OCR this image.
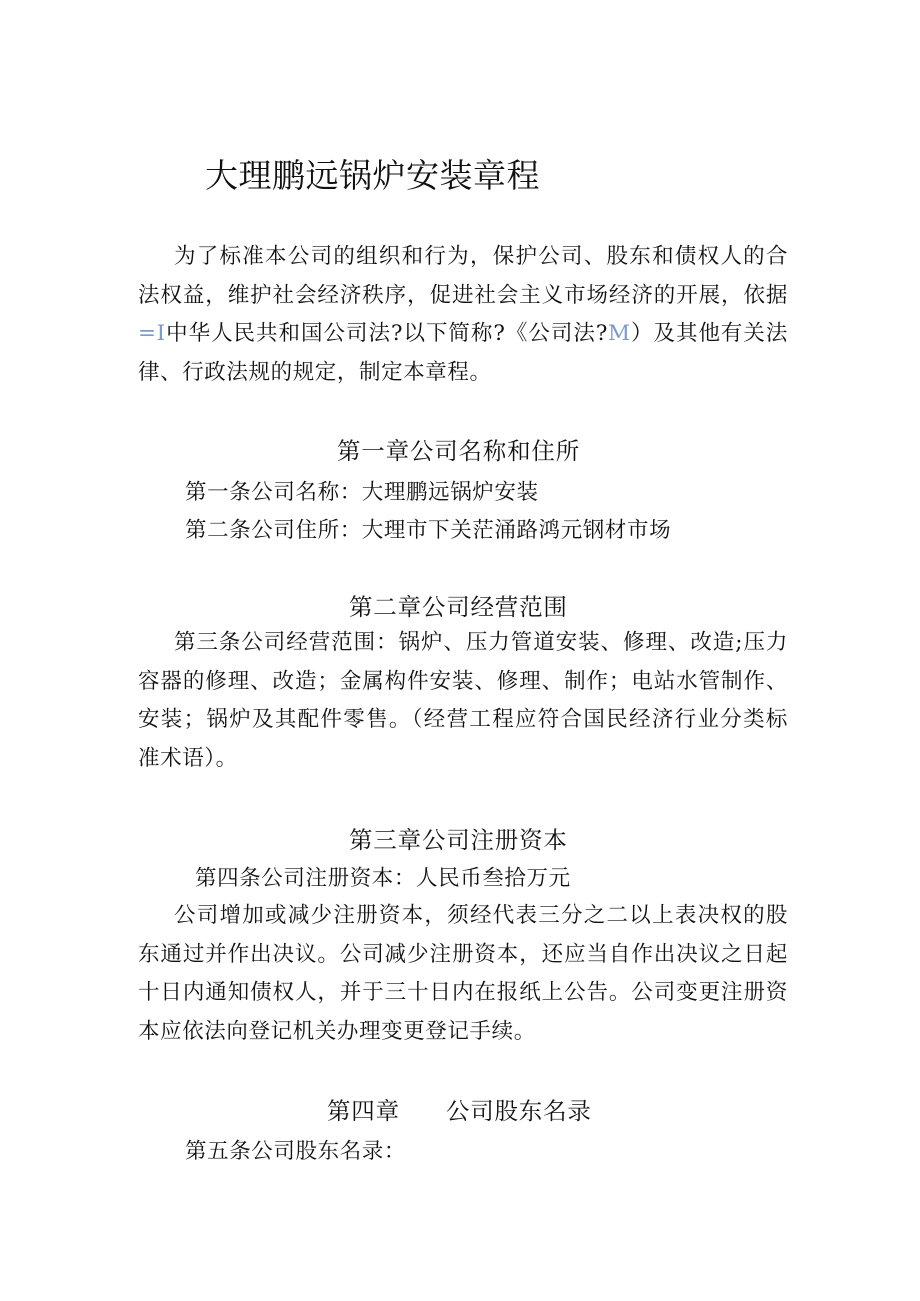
大理鹏远锅炉安装章程
为了标准本公司的组织和行为，保护公司、股东和债权人的合法权益，维护社会经济秩序，促进社会主义市场经济的开展，依据=I中华人民共和国公司法?以下简称?《公司法?M）及其他有关法律、行政法规的规定，制定本章程。
第一章公司名称和住所
第一条公司名称：大理鹏远锅炉安装
第二条公司住所：大理市下关茫涌路鸿元钢材市场
第二章公司经营范围
第三条公司经营范围：锅炉、压力管道安装、修理、改造;压力容器的修理、改造；金属构件安装、修理、制作；电站水管制作、安装；锅炉及其配件零售。（经营工程应符合国民经济行业分类标准术语）。
第三章公司注册资本
第四条公司注册资本：人民币叁拾万元
公司增加或减少注册资本，须经代表三分之二以上表决权的股东通过并作出决议。公司减少注册资本，还应当自作出决议之日起十日内通知债权人，并于三十日内在报纸上公告。公司变更注册资本应依法向登记机关办理变更登记手续。
第四章 公司股东名录
第五条公司股东名录：
